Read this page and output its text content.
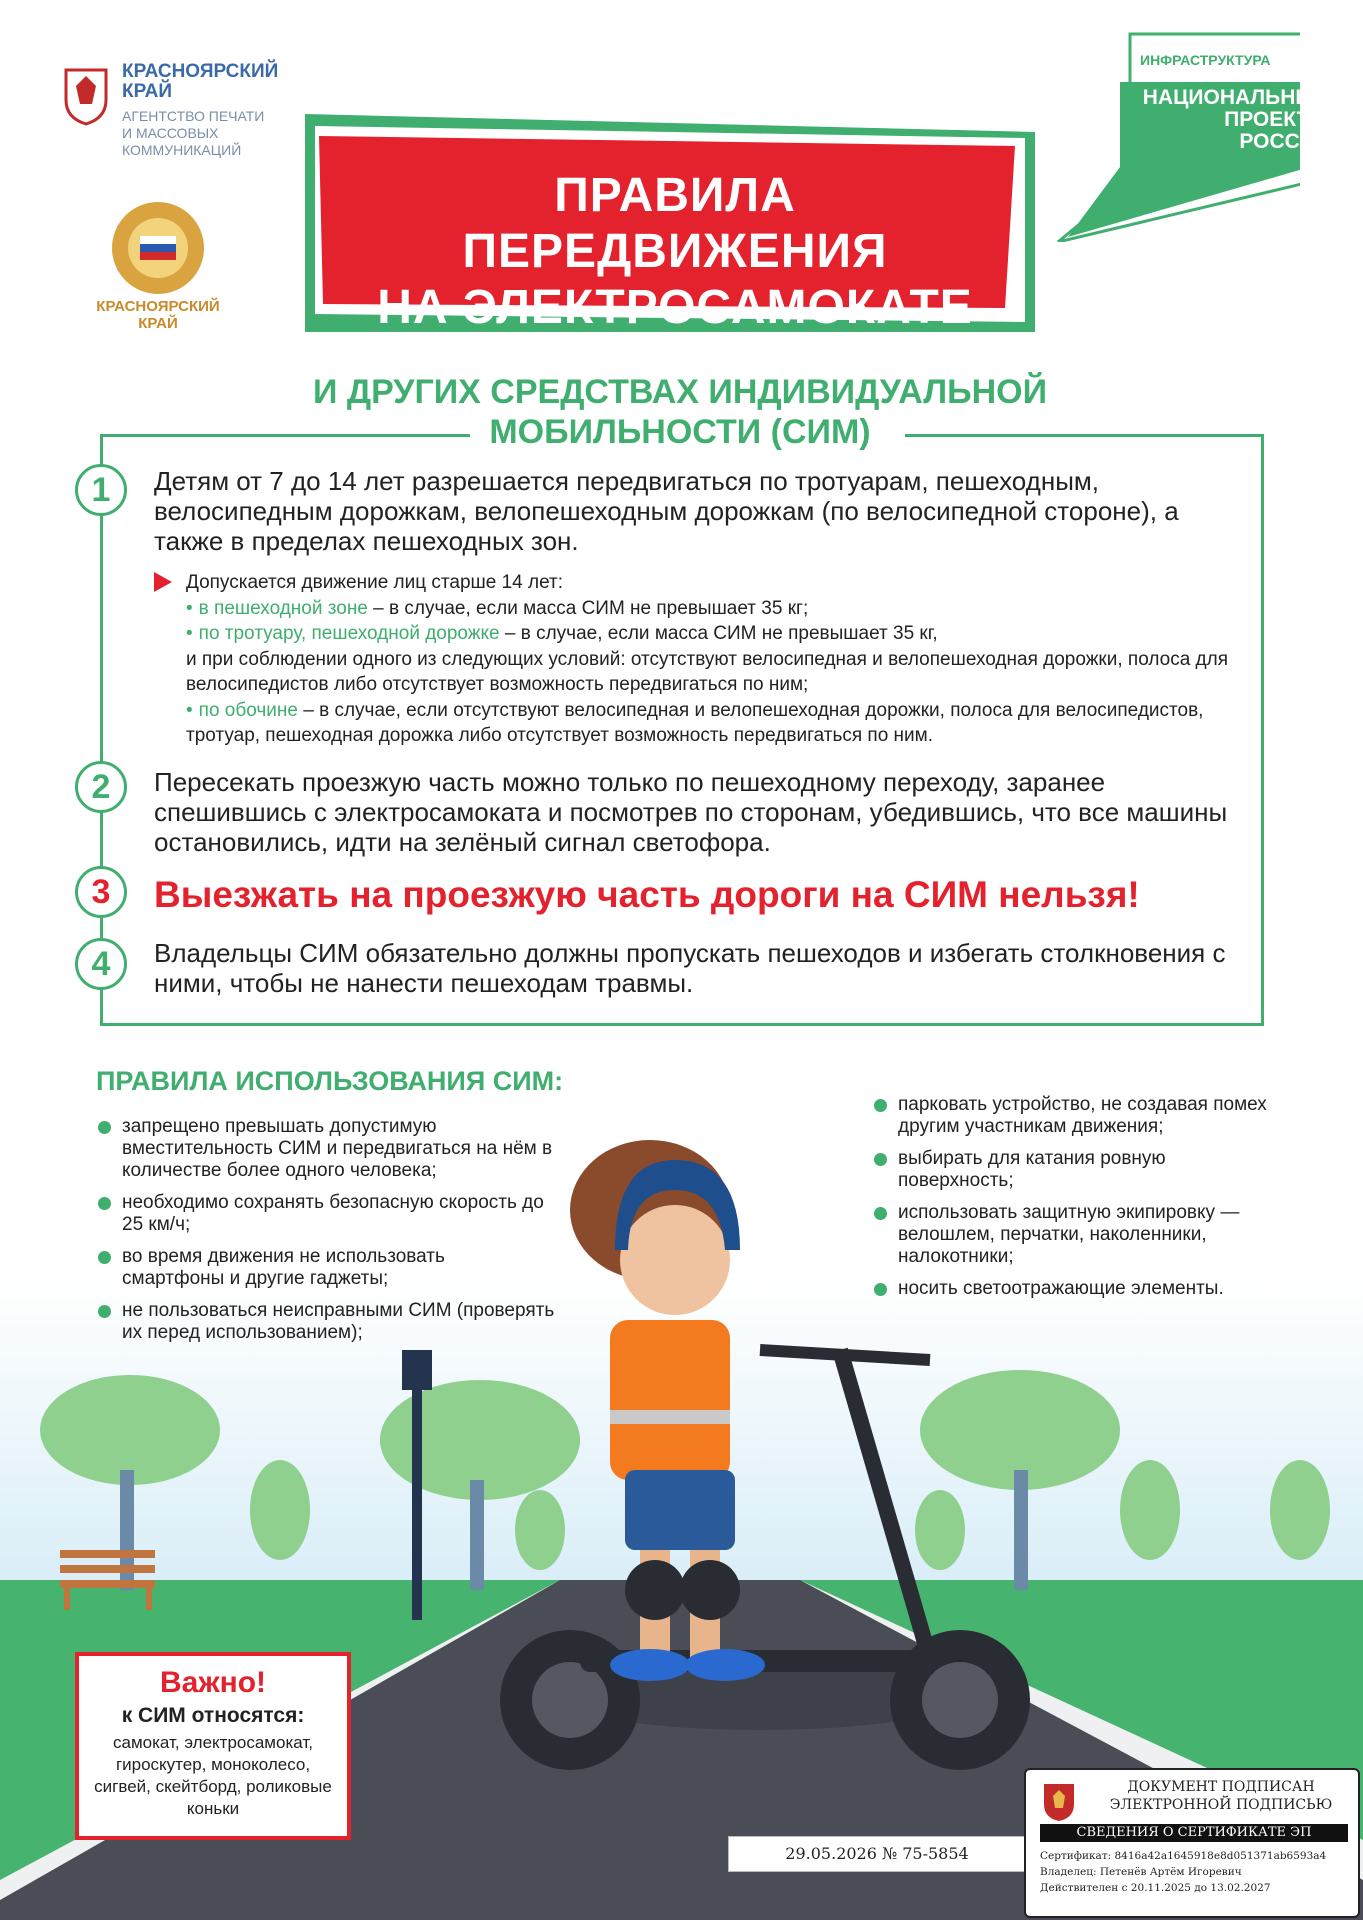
КРАСНОЯРСКИЙ КРАЙ
АГЕНТСТВО ПЕЧАТИ
И МАССОВЫХ
КОММУНИКАЦИЙ
КРАСНОЯРСКИЙ КРАЙ
ИНФРАСТРУКТУРА
НАЦИОНАЛЬНЫЕ ПРОЕКТЫ РОССИИ
ПРАВИЛА ПЕРЕДВИЖЕНИЯ
НА ЭЛЕКТРОСАМОКАТЕ
И ДРУГИХ СРЕДСТВАХ ИНДИВИДУАЛЬНОЙ
МОБИЛЬНОСТИ (СИМ)
1	Детям от 7 до 14 лет разрешается передвигаться по тротуарам, пешеходным, велосипедным дорожкам, велопешеходным дорожкам (по велосипедной стороне), а также в пределах пешеходных зон.
Допускается движение лиц старше 14 лет:
• в пешеходной зоне – в случае, если масса СИМ не превышает 35 кг;
• по тротуару, пешеходной дорожке – в случае, если масса СИМ не превышает 35 кг,
и при соблюдении одного из следующих условий: отсутствуют велосипедная и велопешеходная дорожки, полоса для велосипедистов либо отсутствует возможность передвигаться по ним;
• по обочине – в случае, если отсутствуют велосипедная и велопешеходная дорожки, полоса для велосипедистов, тротуар, пешеходная дорожка либо отсутствует возможность передвигаться по ним.
2	Пересекать проезжую часть можно только по пешеходному переходу, заранее спешившись с электросамоката и посмотрев по сторонам, убедившись, что все машины остановились, идти на зелёный сигнал светофора.
3	Выезжать на проезжую часть дороги на СИМ нельзя!
4	Владельцы СИМ обязательно должны пропускать пешеходов и избегать столкновения с ними, чтобы не нанести пешеходам травмы.
ПРАВИЛА ИСПОЛЬЗОВАНИЯ СИМ:
запрещено превышать допустимую вместительность СИМ и передвигаться на нём в количестве более одного человека;
необходимо сохранять безопасную скорость до 25 км/ч;
во время движения не использовать смартфоны и другие гаджеты;
не пользоваться неисправными СИМ (проверять их перед использованием);
парковать устройство, не создавая помех другим участникам движения;
выбирать для катания ровную поверхность;
использовать защитную экипировку — велошлем, перчатки, наколенники, налокотники;
носить светоотражающие элементы.
Важно!
к СИМ относятся:
самокат, электросамокат, гироскутер, моноколесо, сигвей, скейтборд, роликовые коньки
29.05.2026 № 75-5854
ДОКУМЕНТ ПОДПИСАН
ЭЛЕКТРОННОЙ ПОДПИСЬЮ
СВЕДЕНИЯ О СЕРТИФИКАТЕ ЭП
Сертификат: 8416a42a1645918e8d051371ab6593a4
Владелец: Петенёв Артём Игоревич
Действителен с 20.11.2025 до 13.02.2027
